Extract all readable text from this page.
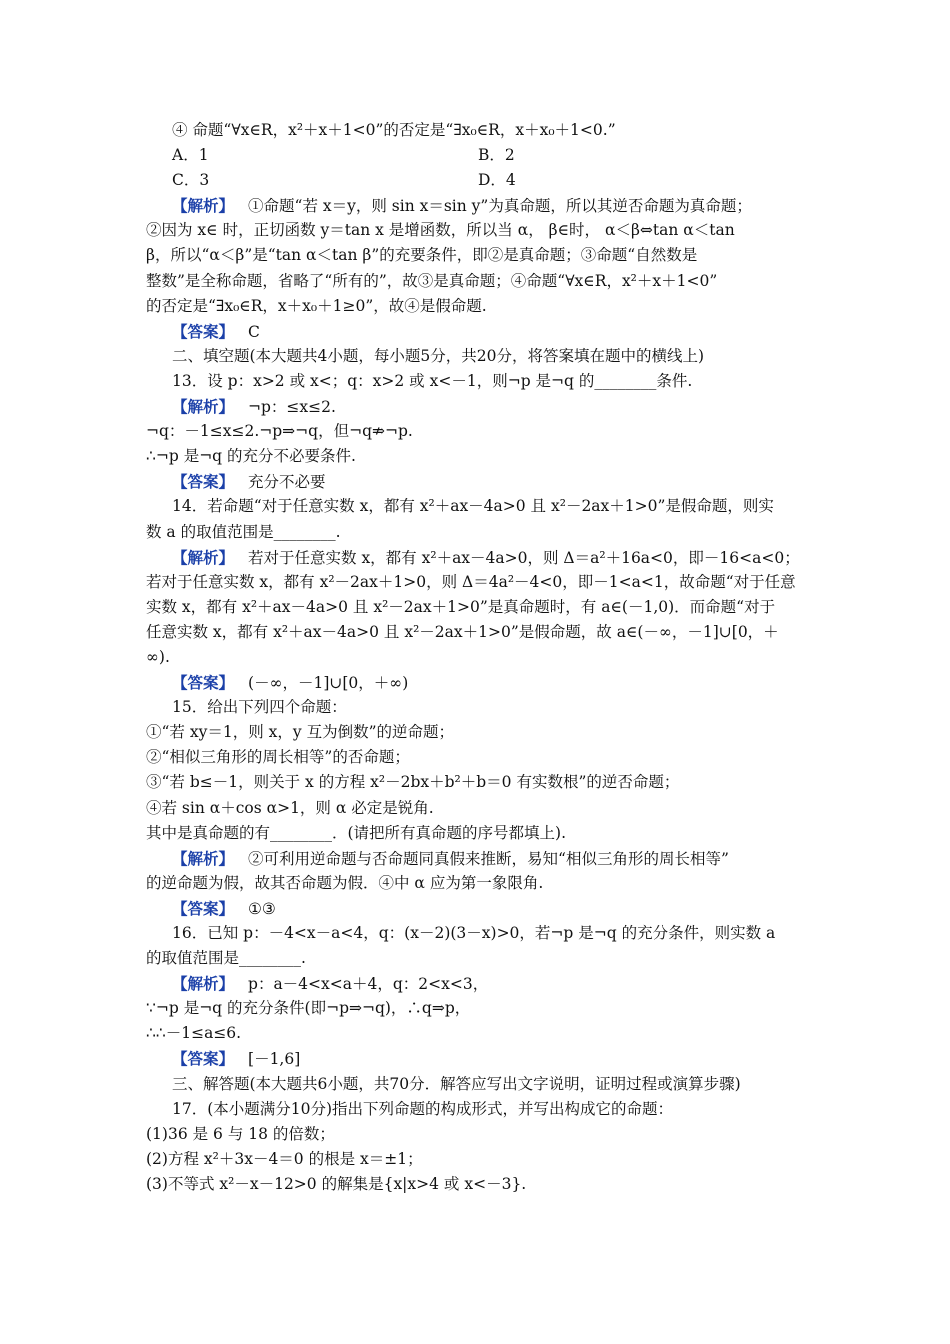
④ 命题“∀x∈R，x²＋x＋1<0”的否定是“∃x₀∈R，x＋x₀＋1<0.”
A．1	B．2
C．3	D．4
【解析】 ①命题“若 x＝y，则 sin x＝sin y”为真命题，所以其逆否命题为真命题；
②因为 x∈ 时，正切函数 y＝tan x 是增函数，所以当 α， β∈时， α＜β⇔tan α＜tan
β，所以“α＜β”是“tan α＜tan β”的充要条件，即②是真命题；③命题“自然数是
整数”是全称命题，省略了“所有的”，故③是真命题；④命题“∀x∈R，x²＋x＋1<0”
的否定是“∃x₀∈R，x＋x₀＋1≥0”，故④是假命题.
【答案】 C
二、填空题(本大题共4小题，每小题5分，共20分，将答案填在题中的横线上)
13．设 p：x>2 或 x<；q：x>2 或 x<－1，则¬p 是¬q 的________条件.
【解析】 ¬p：≤x≤2.
¬q：－1≤x≤2.¬p⇒¬q，但¬q⇏¬p.
∴¬p 是¬q 的充分不必要条件.
【答案】 充分不必要
14．若命题“对于任意实数 x，都有 x²＋ax－4a>0 且 x²－2ax＋1>0”是假命题，则实
数 a 的取值范围是________.
【解析】 若对于任意实数 x，都有 x²＋ax－4a>0，则 Δ＝a²＋16a<0，即－16<a<0；
若对于任意实数 x，都有 x²－2ax＋1>0，则 Δ＝4a²－4<0，即－1<a<1，故命题“对于任意
实数 x，都有 x²＋ax－4a>0 且 x²－2ax＋1>0”是真命题时，有 a∈(－1,0)．而命题“对于
任意实数 x，都有 x²＋ax－4a>0 且 x²－2ax＋1>0”是假命题，故 a∈(－∞，－1]∪[0，＋
∞).
【答案】 (－∞，－1]∪[0，＋∞)
15．给出下列四个命题：
①“若 xy＝1，则 x，y 互为倒数”的逆命题；
②“相似三角形的周长相等”的否命题；
③“若 b≤－1，则关于 x 的方程 x²－2bx＋b²＋b＝0 有实数根”的逆否命题；
④若 sin α＋cos α>1，则 α 必定是锐角.
其中是真命题的有________．(请把所有真命题的序号都填上).
【解析】 ②可利用逆命题与否命题同真假来推断，易知“相似三角形的周长相等”
的逆命题为假，故其否命题为假．④中 α 应为第一象限角.
【答案】 ①③
16．已知 p：－4<x－a<4，q：(x－2)(3－x)>0，若¬p 是¬q 的充分条件，则实数 a
的取值范围是________.
【解析】 p：a－4<x<a＋4，q：2<x<3，
∵¬p 是¬q 的充分条件(即¬p⇒¬q)，∴q⇒p，
∴∴－1≤a≤6.
【答案】 [－1,6]
三、解答题(本大题共6小题，共70分．解答应写出文字说明，证明过程或演算步骤)
17．(本小题满分10分)指出下列命题的构成形式，并写出构成它的命题：
(1)36 是 6 与 18 的倍数；
(2)方程 x²＋3x－4＝0 的根是 x＝±1；
(3)不等式 x²－x－12>0 的解集是{x|x>4 或 x<－3}.
